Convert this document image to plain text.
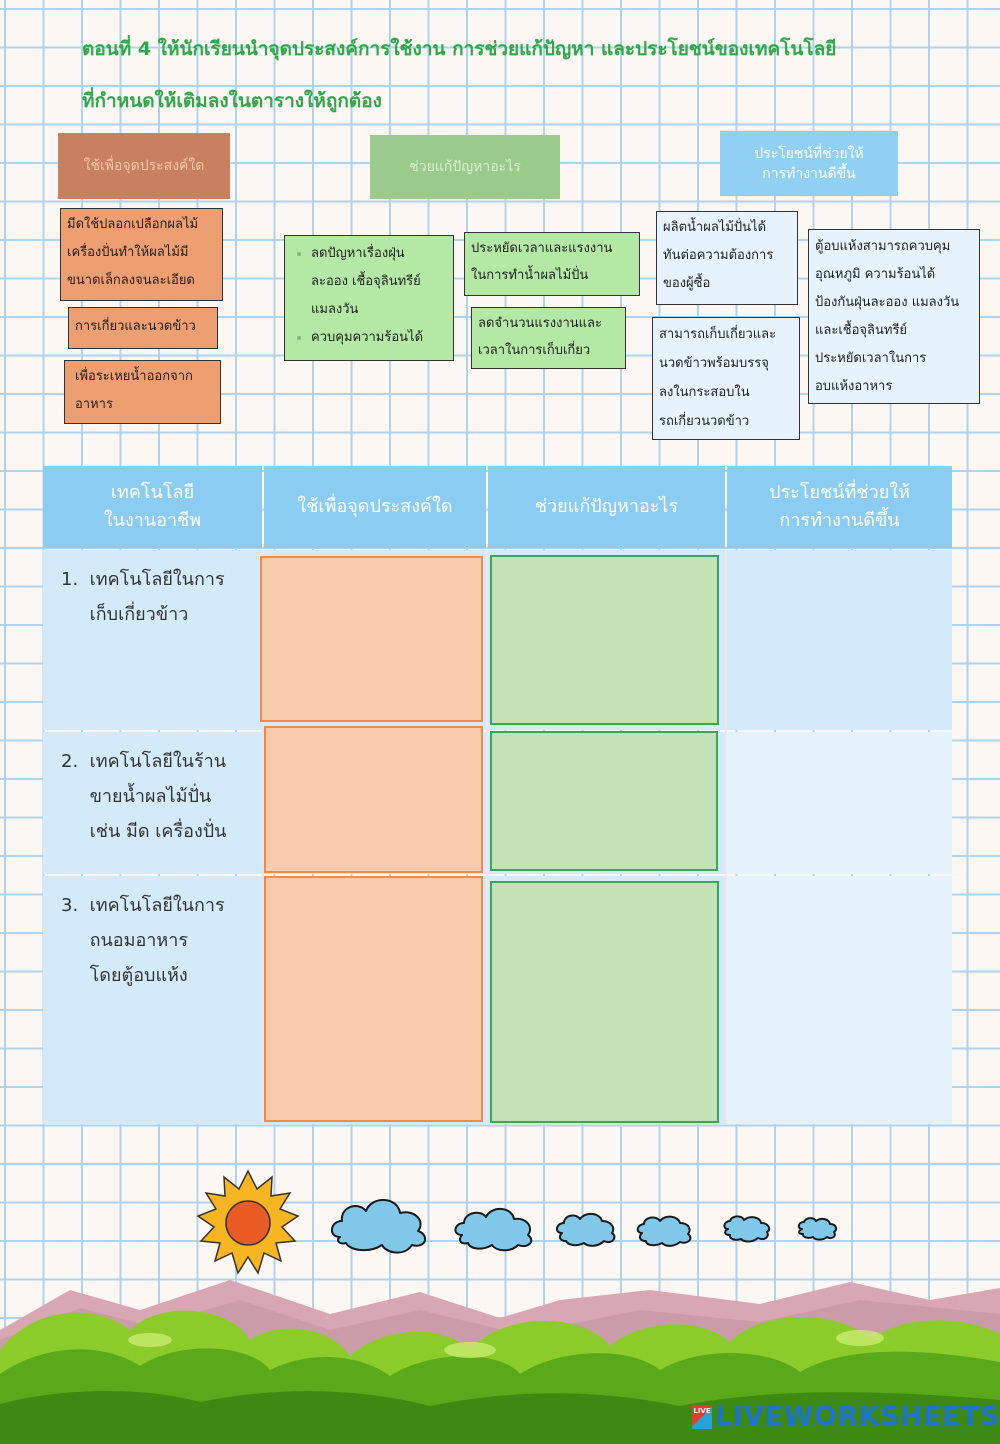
ตอนที่ 4 ให้นักเรียนนำจุดประสงค์การใช้งาน การช่วยแก้ปัญหา และประโยชน์ของเทคโนโลยี
ที่กำหนดให้เติมลงในตารางให้ถูกต้อง
ใช้เพื่อจุดประสงค์ใด	ช่วยแก้ปัญหาอะไร
ประโยชน์ที่ช่วยให้
การทำงานดีขึ้น
มีดใช้ปลอกเปลือกผลไม้
เครื่องปั่นทำให้ผลไม้มี
ขนาดเล็กลงจนละเอียด
การเกี่ยวและนวดข้าว
เพื่อระเหยน้ำออกจาก
อาหาร
• ลดปัญหาเรื่องฝุ่น
ละออง เชื้อจุลินทรีย์
แมลงวัน
• ควบคุมความร้อนได้
ประหยัดเวลาและแรงงาน
ในการทำน้ำผลไม้ปั่น
ลดจำนวนแรงงานและ
เวลาในการเก็บเกี่ยว
ผลิตน้ำผลไม้ปั่นได้
ทันต่อความต้องการ
ของผู้ซื้อ
สามารถเก็บเกี่ยวและ
นวดข้าวพร้อมบรรจุ
ลงในกระสอบใน
รถเกี่ยวนวดข้าว
ตู้อบแห้งสามารถควบคุม
อุณหภูมิ ความร้อนได้
ป้องกันฝุ่นละออง แมลงวัน
และเชื้อจุลินทรีย์
ประหยัดเวลาในการ
อบแห้งอาหาร
เทคโนโลยี
ในงานอาชีพ
ใช้เพื่อจุดประสงค์ใด	ช่วยแก้ปัญหาอะไร
ประโยชน์ที่ช่วยให้
การทำงานดีขึ้น
1.  เทคโนโลยีในการ
เก็บเกี่ยวข้าว
2.  เทคโนโลยีในร้าน
ขายน้ำผลไม้ปั่น
เช่น มีด เครื่องปั่น
3.  เทคโนโลยีในการ
ถนอมอาหาร
โดยตู้อบแห้ง
LIVE LIVEWORKSHEETS
